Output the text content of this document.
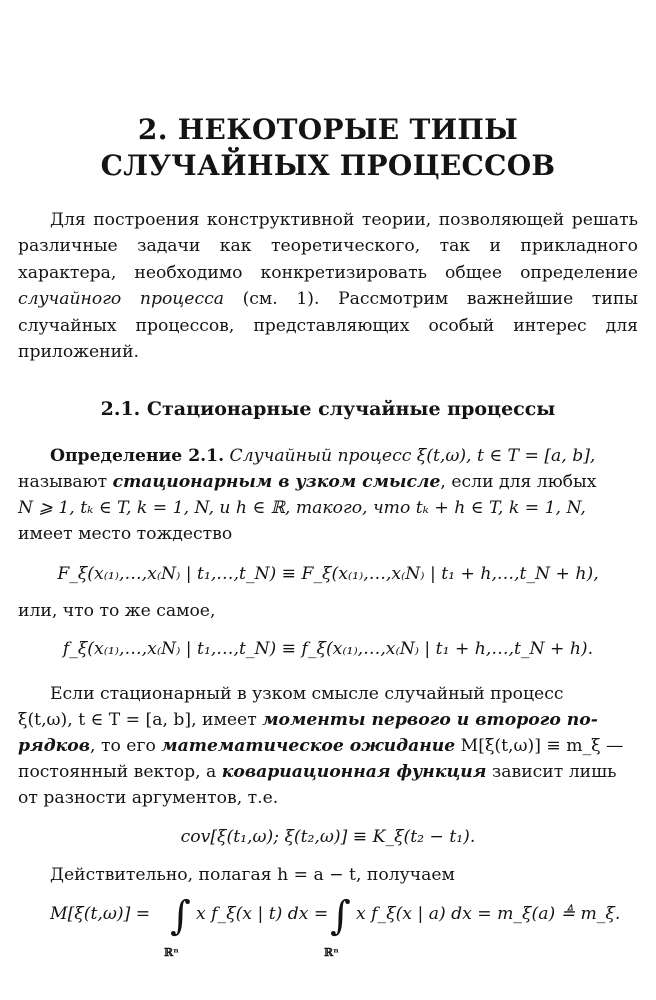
2. НЕКОТОРЫЕ ТИПЫ
СЛУЧАЙНЫХ ПРОЦЕССОВ

Для построения конструктивной теории, позволяющей решать различные задачи как теоретического, так и прикладного характера, необходимо конкретизировать общее определение случайного процесса (см. 1). Рассмотрим важнейшие типы случайных процессов, представляющих особый интерес для приложений.

2.1. Стационарные случайные процессы
Определение 2.1. Случайный процесс ξ(t,ω), t ∈ T = [a, b],
называют стационарным в узком смысле, если для любых
N ⩾ 1, tₖ ∈ T, k = 1, N, и h ∈ ℝ, такого, что tₖ + h ∈ T, k = 1, N,
имеет место тождество
F_ξ(x₍₁₎,…,x₍N₎ | t₁,…,t_N) ≡ F_ξ(x₍₁₎,…,x₍N₎ | t₁ + h,…,t_N + h),
или, что то же самое,
f_ξ(x₍₁₎,…,x₍N₎ | t₁,…,t_N) ≡ f_ξ(x₍₁₎,…,x₍N₎ | t₁ + h,…,t_N + h).
Если стационарный в узком смысле случайный процесс
ξ(t,ω), t ∈ T = [a, b], имеет моменты первого и второго по-
рядков, то его математическое ожидание M[ξ(t,ω)] ≡ m_ξ —
постоянный вектор, а ковариационная функция зависит лишь
от разности аргументов, т.е.
cov[ξ(t₁,ω); ξ(t₂,ω)] ≡ K_ξ(t₂ − t₁).
Действительно, полагая h = a − t, получаем
M[ξ(t,ω)] = ∫
ℝⁿ
x f_ξ(x | t) dx = ∫
ℝⁿ
x f_ξ(x | a) dx = m_ξ(a) ≜ m_ξ.
